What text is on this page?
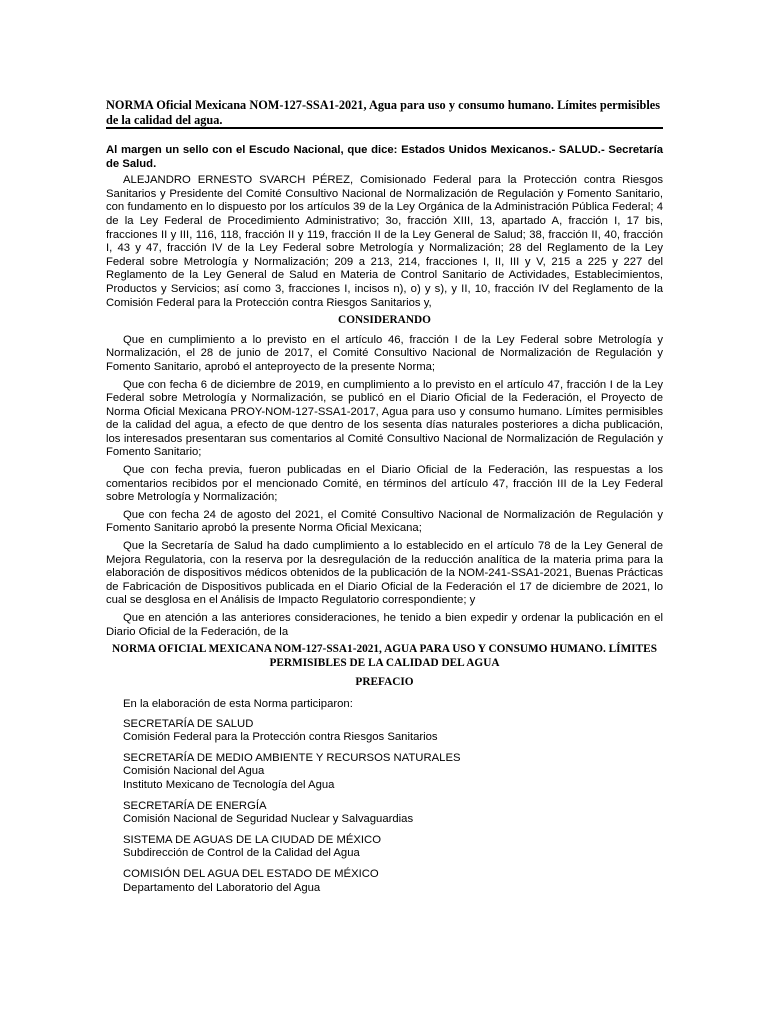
NORMA Oficial Mexicana NOM-127-SSA1-2021, Agua para uso y consumo humano. Límites permisibles de la calidad del agua.

Al margen un sello con el Escudo Nacional, que dice: Estados Unidos Mexicanos.- SALUD.- Secretaría de Salud.

ALEJANDRO ERNESTO SVARCH PÉREZ, Comisionado Federal para la Protección contra Riesgos Sanitarios y Presidente del Comité Consultivo Nacional de Normalización de Regulación y Fomento Sanitario, con fundamento en lo dispuesto por los artículos 39 de la Ley Orgánica de la Administración Pública Federal; 4 de la Ley Federal de Procedimiento Administrativo; 3o, fracción XIII, 13, apartado A, fracción I, 17 bis, fracciones II y III, 116, 118, fracción II y 119, fracción II de la Ley General de Salud; 38, fracción II, 40, fracción I, 43 y 47, fracción IV de la Ley Federal sobre Metrología y Normalización; 28 del Reglamento de la Ley Federal sobre Metrología y Normalización; 209 a 213, 214, fracciones I, II, III y V, 215 a 225 y 227 del Reglamento de la Ley General de Salud en Materia de Control Sanitario de Actividades, Establecimientos, Productos y Servicios; así como 3, fracciones I, incisos n), o) y s), y II, 10, fracción IV del Reglamento de la Comisión Federal para la Protección contra Riesgos Sanitarios y,

CONSIDERANDO

Que en cumplimiento a lo previsto en el artículo 46, fracción I de la Ley Federal sobre Metrología y Normalización, el 28 de junio de 2017, el Comité Consultivo Nacional de Normalización de Regulación y Fomento Sanitario, aprobó el anteproyecto de la presente Norma;

Que con fecha 6 de diciembre de 2019, en cumplimiento a lo previsto en el artículo 47, fracción I de la Ley Federal sobre Metrología y Normalización, se publicó en el Diario Oficial de la Federación, el Proyecto de Norma Oficial Mexicana PROY-NOM-127-SSA1-2017, Agua para uso y consumo humano. Límites permisibles de la calidad del agua, a efecto de que dentro de los sesenta días naturales posteriores a dicha publicación, los interesados presentaran sus comentarios al Comité Consultivo Nacional de Normalización de Regulación y Fomento Sanitario;

Que con fecha previa, fueron publicadas en el Diario Oficial de la Federación, las respuestas a los comentarios recibidos por el mencionado Comité, en términos del artículo 47, fracción III de la Ley Federal sobre Metrología y Normalización;

Que con fecha 24 de agosto del 2021, el Comité Consultivo Nacional de Normalización de Regulación y Fomento Sanitario aprobó la presente Norma Oficial Mexicana;

Que la Secretaría de Salud ha dado cumplimiento a lo establecido en el artículo 78 de la Ley General de Mejora Regulatoria, con la reserva por la desregulación de la reducción analítica de la materia prima para la elaboración de dispositivos médicos obtenidos de la publicación de la NOM-241-SSA1-2021, Buenas Prácticas de Fabricación de Dispositivos publicada en el Diario Oficial de la Federación el 17 de diciembre de 2021, lo cual se desglosa en el Análisis de Impacto Regulatorio correspondiente; y

Que en atención a las anteriores consideraciones, he tenido a bien expedir y ordenar la publicación en el Diario Oficial de la Federación, de la

NORMA OFICIAL MEXICANA NOM-127-SSA1-2021, AGUA PARA USO Y CONSUMO HUMANO. LÍMITES PERMISIBLES DE LA CALIDAD DEL AGUA

PREFACIO

En la elaboración de esta Norma participaron:

SECRETARÍA DE SALUD
Comisión Federal para la Protección contra Riesgos Sanitarios
SECRETARÍA DE MEDIO AMBIENTE Y RECURSOS NATURALES
Comisión Nacional del Agua
Instituto Mexicano de Tecnología del Agua
SECRETARÍA DE ENERGÍA
Comisión Nacional de Seguridad Nuclear y Salvaguardias
SISTEMA DE AGUAS DE LA CIUDAD DE MÉXICO
Subdirección de Control de la Calidad del Agua
COMISIÓN DEL AGUA DEL ESTADO DE MÉXICO
Departamento del Laboratorio del Agua
